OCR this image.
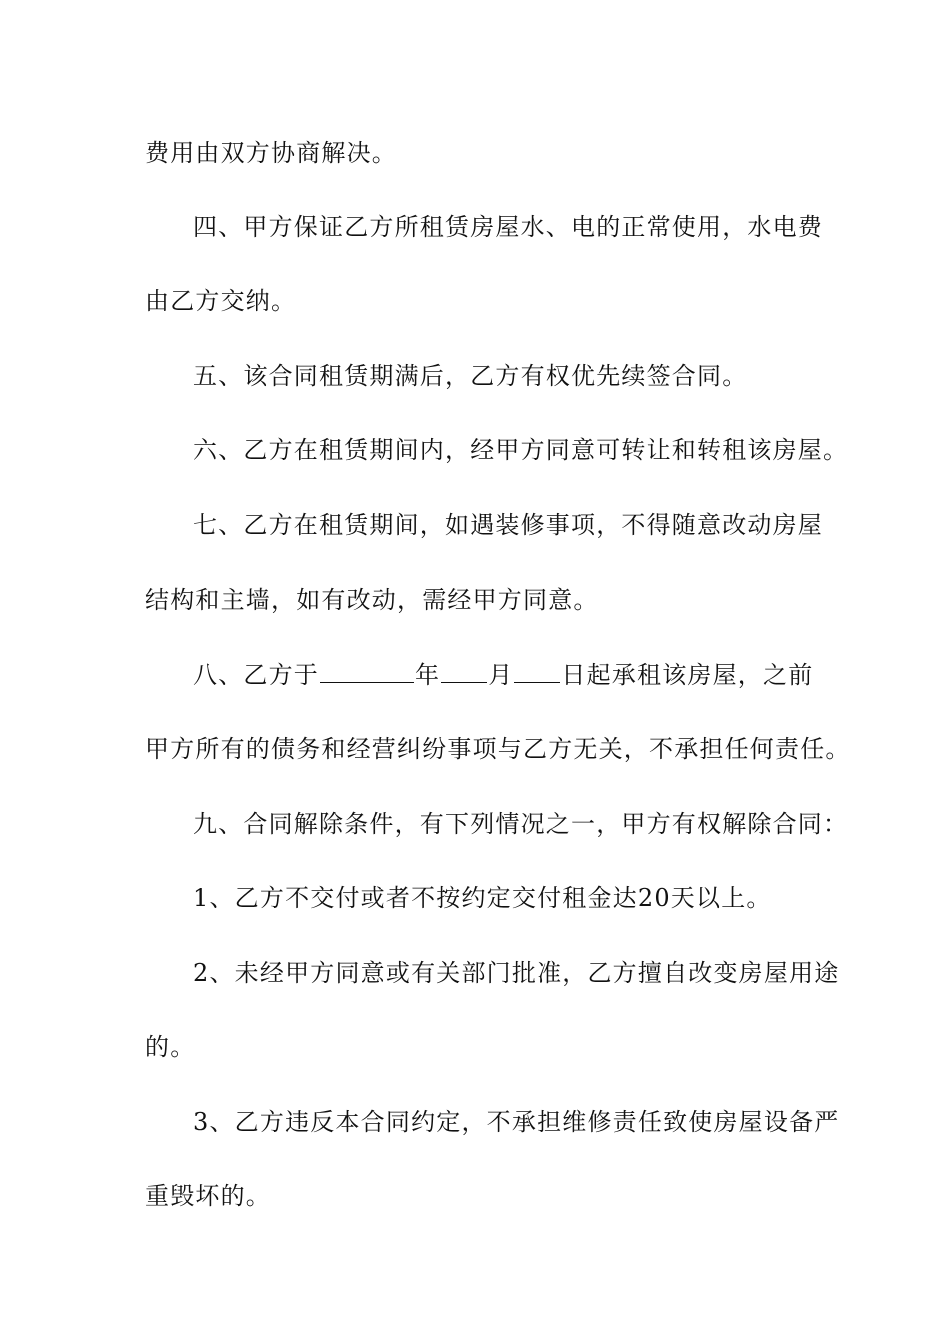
费用由双方协商解决。
四、甲方保证乙方所租赁房屋水、电的正常使用，水电费
由乙方交纳。
五、该合同租赁期满后，乙方有权优先续签合同。
六、乙方在租赁期间内，经甲方同意可转让和转租该房屋。
七、乙方在租赁期间，如遇装修事项，不得随意改动房屋
结构和主墙，如有改动，需经甲方同意。
八、乙方于	年 月 日起承租该房屋，之前
甲方所有的债务和经营纠纷事项与乙方无关，不承担任何责任。
九、合同解除条件，有下列情况之一，甲方有权解除合同：
1、乙方不交付或者不按约定交付租金达20天以上。
2、未经甲方同意或有关部门批准，乙方擅自改变房屋用途
的。
3、乙方违反本合同约定，不承担维修责任致使房屋设备严
重毁坏的。
